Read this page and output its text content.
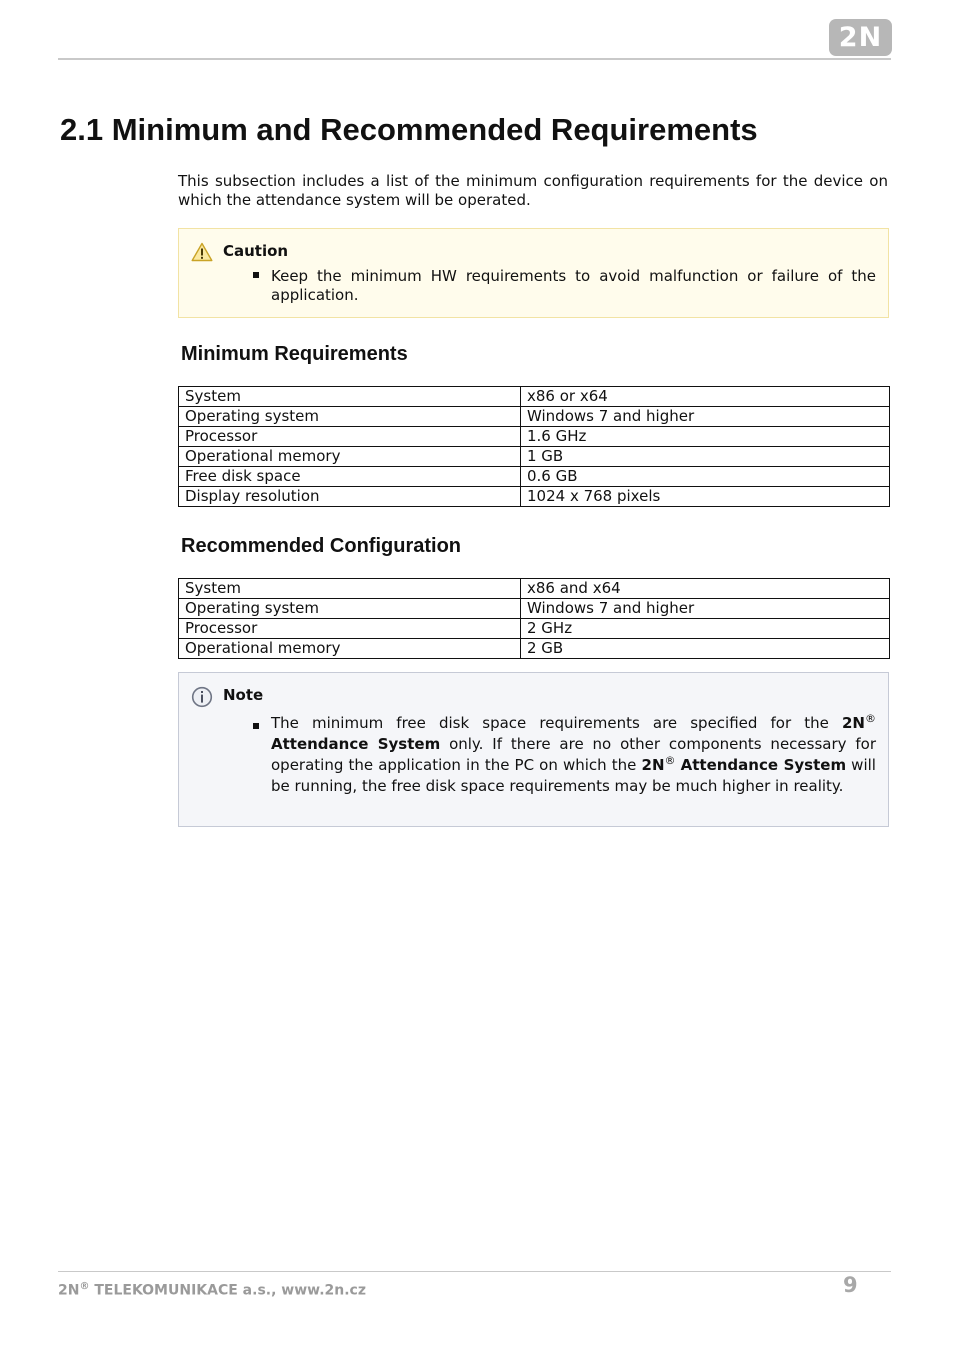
2N
2.1 Minimum and Recommended Requirements

This subsection includes a list of the minimum configuration requirements for the device on which the attendance system will be operated.

Caution

Keep the minimum HW requirements to avoid malfunction or failure of the application.

Minimum Requirements
System	x86 or x64
Operating system	Windows 7 and higher
Processor	1.6 GHz
Operational memory	1 GB
Free disk space	0.6 GB
Display resolution	1024 x 768 pixels
Recommended Configuration
System	x86 and x64
Operating system	Windows 7 and higher
Processor	2 GHz
Operational memory	2 GB
Note

The minimum free disk space requirements are specified for the 2N® Attendance System only. If there are no other components necessary for operating the application in the PC on which the 2N® Attendance System will be running, the free disk space requirements may be much higher in reality.

2N® TELEKOMUNIKACE a.s., www.2n.cz	9
